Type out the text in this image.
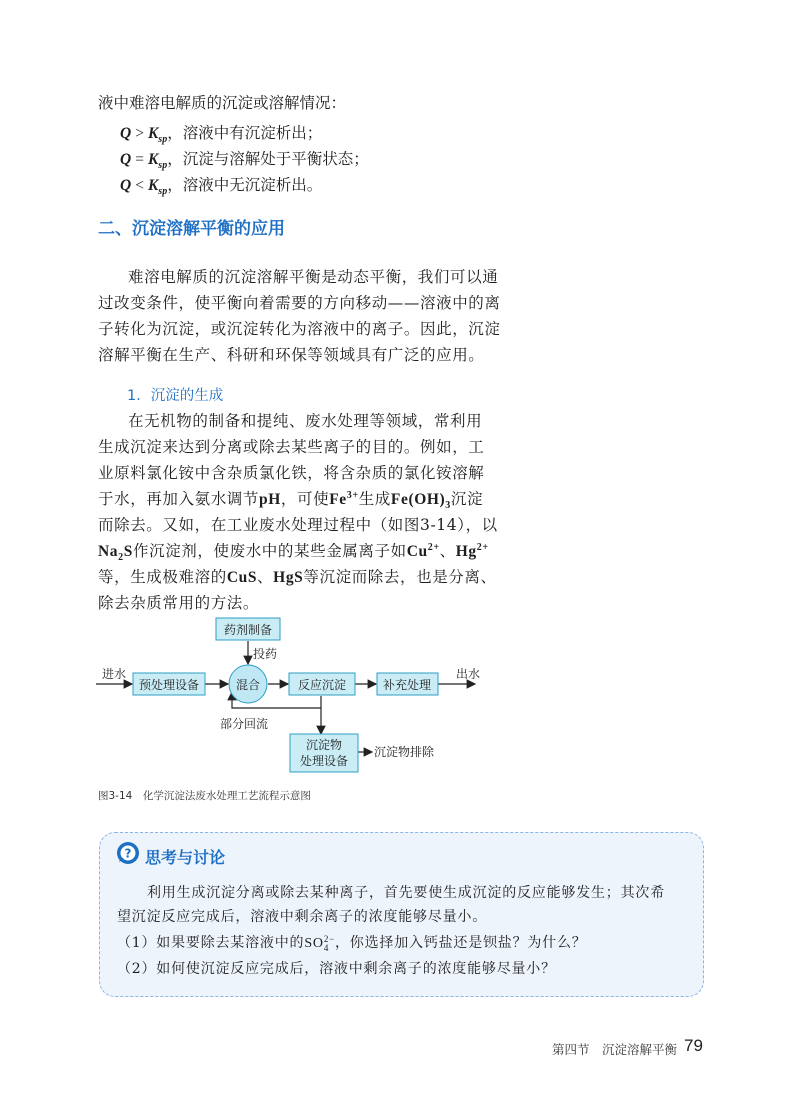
液中难溶电解质的沉淀或溶解情况：
$Q > K_{sp}$，溶液中有沉淀析出；
$Q = K_{sp}$，沉淀与溶解处于平衡状态；
$Q < K_{sp}$，溶液中无沉淀析出。
二、沉淀溶解平衡的应用
难溶电解质的沉淀溶解平衡是动态平衡，我们可以通
过改变条件，使平衡向着需要的方向移动——溶液中的离
子转化为沉淀，或沉淀转化为溶液中的离子。因此，沉淀
溶解平衡在生产、科研和环保等领域具有广泛的应用。
1．沉淀的生成
在无机物的制备和提纯、废水处理等领域，常利用
生成沉淀来达到分离或除去某些离子的目的。例如，工
业原料氯化铵中含杂质氯化铁，将含杂质的氯化铵溶解
于水，再加入氨水调节pH，可使$Fe^{3+}$生成$Fe(OH)_3$沉淀
而除去。又如，在工业废水处理过程中（如图3-14），以
$Na_2S$作沉淀剂，使废水中的某些金属离子如$Cu^{2+}$、$Hg^{2+}$
等，生成极难溶的CuS、HgS等沉淀而除去，也是分离、
除去杂质常用的方法。
进水
预处理设备
药剂制备
投药
混合	反应沉淀	补充处理
出水
部分回流
沉淀物
处理设备
沉淀物排除
图3-14　化学沉淀法废水处理工艺流程示意图
? 思考与讨论
利用生成沉淀分离或除去某种离子，首先要使生成沉淀的反应能够发生；其次希
望沉淀反应完成后，溶液中剩余离子的浓度能够尽量小。
（1）如果要除去某溶液中的SO 2−
4 ，你选择加入钙盐还是钡盐？为什么？
（2）如何使沉淀反应完成后，溶液中剩余离子的浓度能够尽量小？
第四节　沉淀溶解平衡 79
